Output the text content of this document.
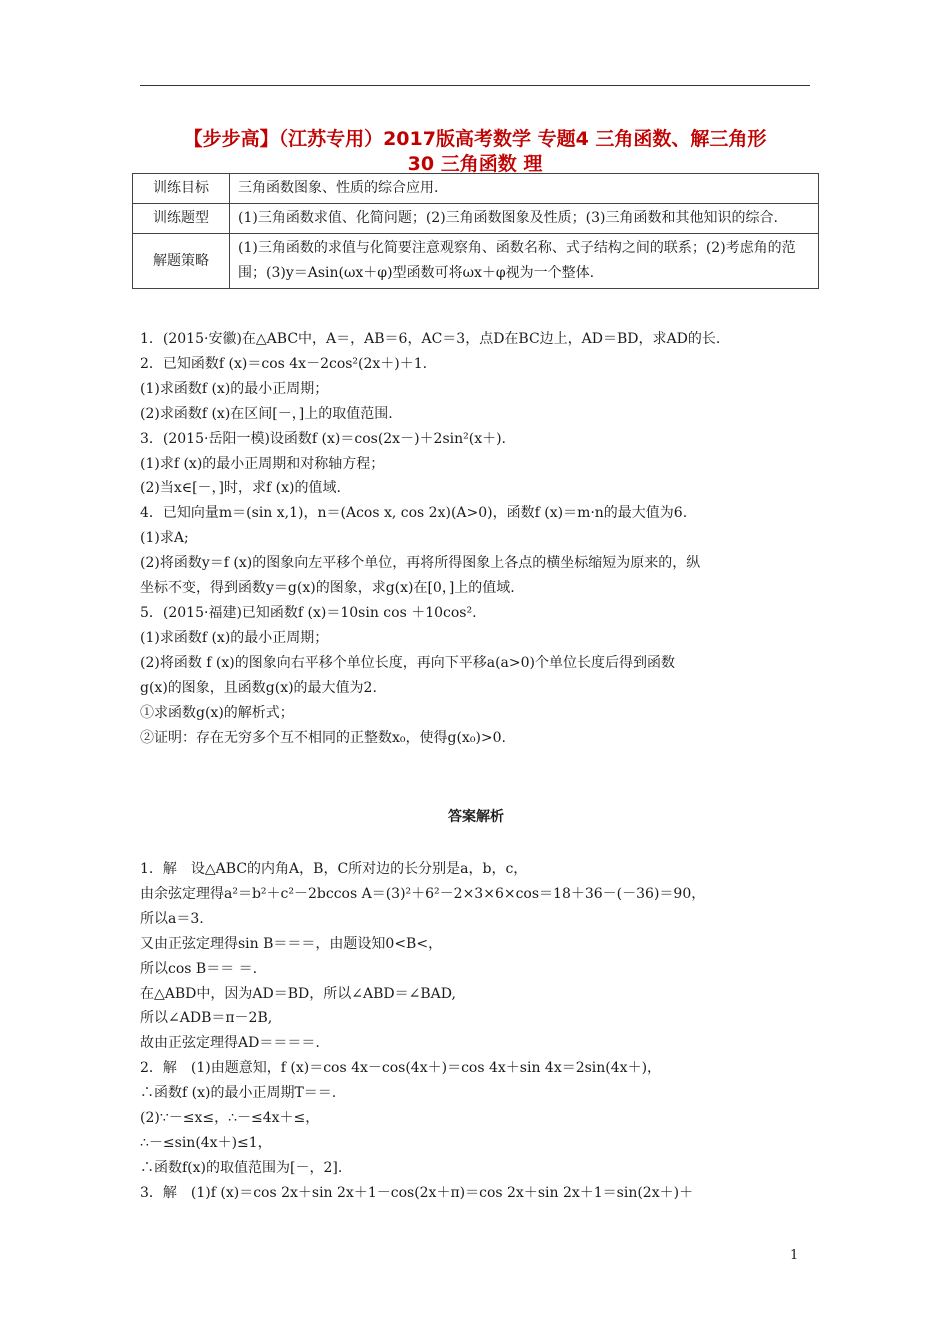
【步步高】（江苏专用）2017版高考数学 专题4 三角函数、解三角形
30 三角函数 理
训练目标	三角函数图象、性质的综合应用.
训练题型	(1)三角函数求值、化简问题；(2)三角函数图象及性质；(3)三角函数和其他知识的综合.
解题策略	(1)三角函数的求值与化简要注意观察角、函数名称、式子结构之间的联系；(2)考虑角的范围；(3)y＝Asin(ωx＋φ)型函数可将ωx＋φ视为一个整体.

1．(2015·安徽)在△ABC中，A＝，AB＝6，AC＝3，点D在BC边上，AD＝BD，求AD的长.

2．已知函数f (x)＝cos 4x－2cos²(2x＋)＋1.

(1)求函数f (x)的最小正周期；

(2)求函数f (x)在区间[－，]上的取值范围.

3．(2015·岳阳一模)设函数f (x)＝cos(2x－)＋2sin²(x＋).

(1)求f (x)的最小正周期和对称轴方程；

(2)当x∈[－，]时，求f (x)的值域.

4．已知向量m＝(sin x,1)，n＝(Acos x, cos 2x)(A>0)，函数f (x)＝m·n的最大值为6.

(1)求A;

(2)将函数y＝f (x)的图象向左平移个单位，再将所得图象上各点的横坐标缩短为原来的，纵

坐标不变，得到函数y＝g(x)的图象，求g(x)在[0，]上的值域.

5．(2015·福建)已知函数f (x)＝10sin cos ＋10cos².

(1)求函数f (x)的最小正周期；

(2)将函数 f (x)的图象向右平移个单位长度，再向下平移a(a>0)个单位长度后得到函数

g(x)的图象，且函数g(x)的最大值为2.

①求函数g(x)的解析式；

②证明：存在无穷多个互不相同的正整数x₀，使得g(x₀)>0.

答案解析

1．解　设△ABC的内角A，B，C所对边的长分别是a，b，c，

由余弦定理得a²＝b²＋c²－2bccos A＝(3)²＋6²－2×3×6×cos＝18＋36－(－36)＝90，

所以a＝3.

又由正弦定理得sin B＝＝＝，由题设知0<B<，

所以cos B＝＝ ＝.

在△ABD中，因为AD＝BD，所以∠ABD＝∠BAD,

所以∠ADB＝π－2B,

故由正弦定理得AD＝＝＝＝.

2．解　(1)由题意知，f (x)＝cos 4x－cos(4x＋)＝cos 4x＋sin 4x＝2sin(4x＋)，

∴函数f (x)的最小正周期T＝＝.

(2)∵－≤x≤，∴－≤4x＋≤，

∴－≤sin(4x＋)≤1，

∴函数f(x)的取值范围为[－，2].

3．解　(1)f (x)＝cos 2x＋sin 2x＋1－cos(2x＋π)＝cos 2x＋sin 2x＋1＝sin(2x＋)＋

1
